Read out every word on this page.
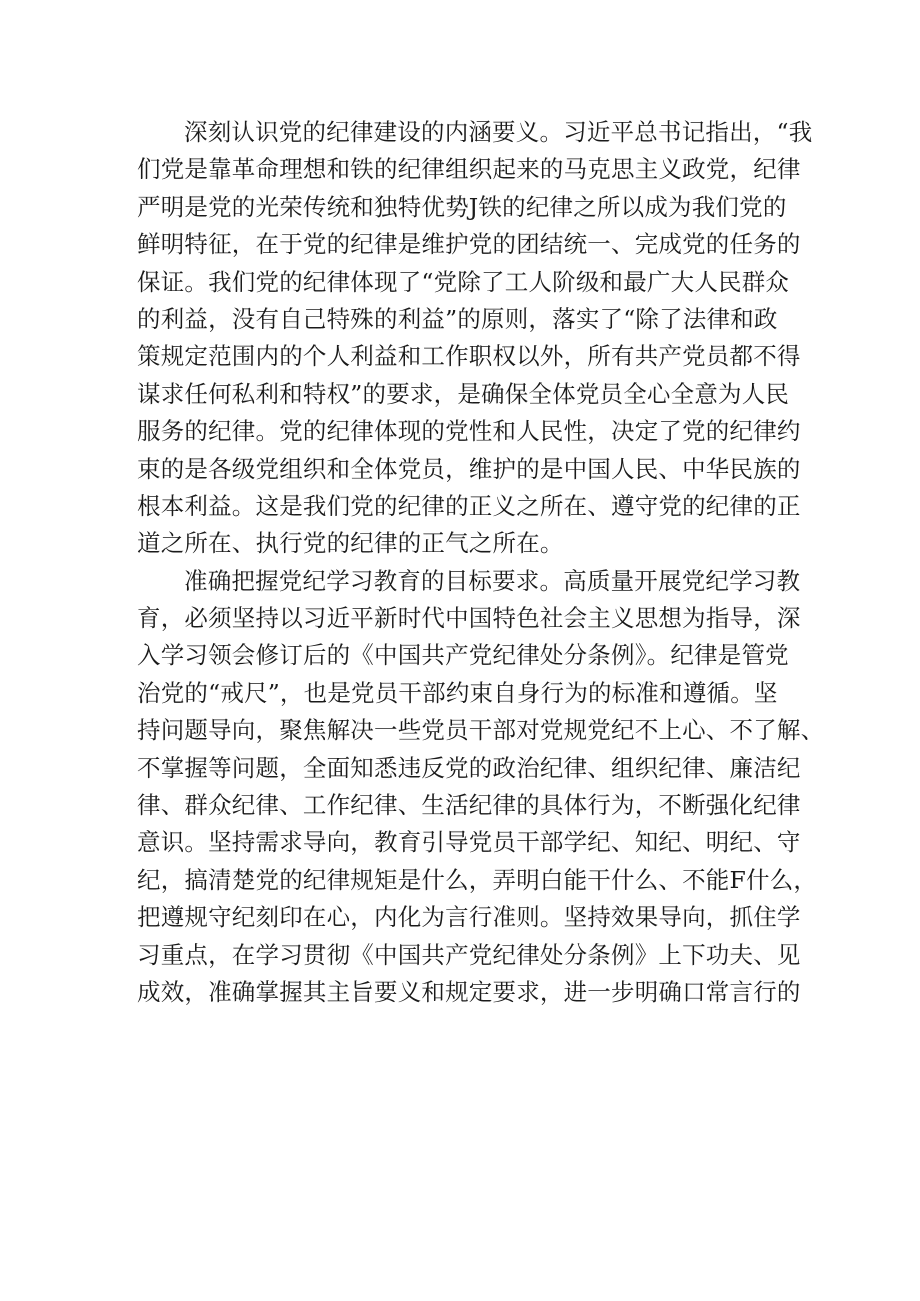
深刻认识党的纪律建设的内涵要义。习近平总书记指出，“我
们党是靠革命理想和铁的纪律组织起来的马克思主义政党，纪律
严明是党的光荣传统和独特优势J铁的纪律之所以成为我们党的
鲜明特征，在于党的纪律是维护党的团结统一、完成党的任务的
保证。我们党的纪律体现了“党除了工人阶级和最广大人民群众
的利益，没有自己特殊的利益”的原则，落实了“除了法律和政
策规定范围内的个人利益和工作职权以外，所有共产党员都不得
谋求任何私利和特权”的要求，是确保全体党员全心全意为人民
服务的纪律。党的纪律体现的党性和人民性，决定了党的纪律约
束的是各级党组织和全体党员，维护的是中国人民、中华民族的
根本利益。这是我们党的纪律的正义之所在、遵守党的纪律的正
道之所在、执行党的纪律的正气之所在。
准确把握党纪学习教育的目标要求。高质量开展党纪学习教
育，必须坚持以习近平新时代中国特色社会主义思想为指导，深
入学习领会修订后的《中国共产党纪律处分条例》。纪律是管党
治党的“戒尺”，也是党员干部约束自身行为的标准和遵循。坚
持问题导向，聚焦解决一些党员干部对党规党纪不上心、不了解、
不掌握等问题，全面知悉违反党的政治纪律、组织纪律、廉洁纪
律、群众纪律、工作纪律、生活纪律的具体行为，不断强化纪律
意识。坚持需求导向，教育引导党员干部学纪、知纪、明纪、守
纪，搞清楚党的纪律规矩是什么，弄明白能干什么、不能F什么，
把遵规守纪刻印在心，内化为言行准则。坚持效果导向，抓住学
习重点，在学习贯彻《中国共产党纪律处分条例》上下功夫、见
成效，准确掌握其主旨要义和规定要求，进一步明确口常言行的
